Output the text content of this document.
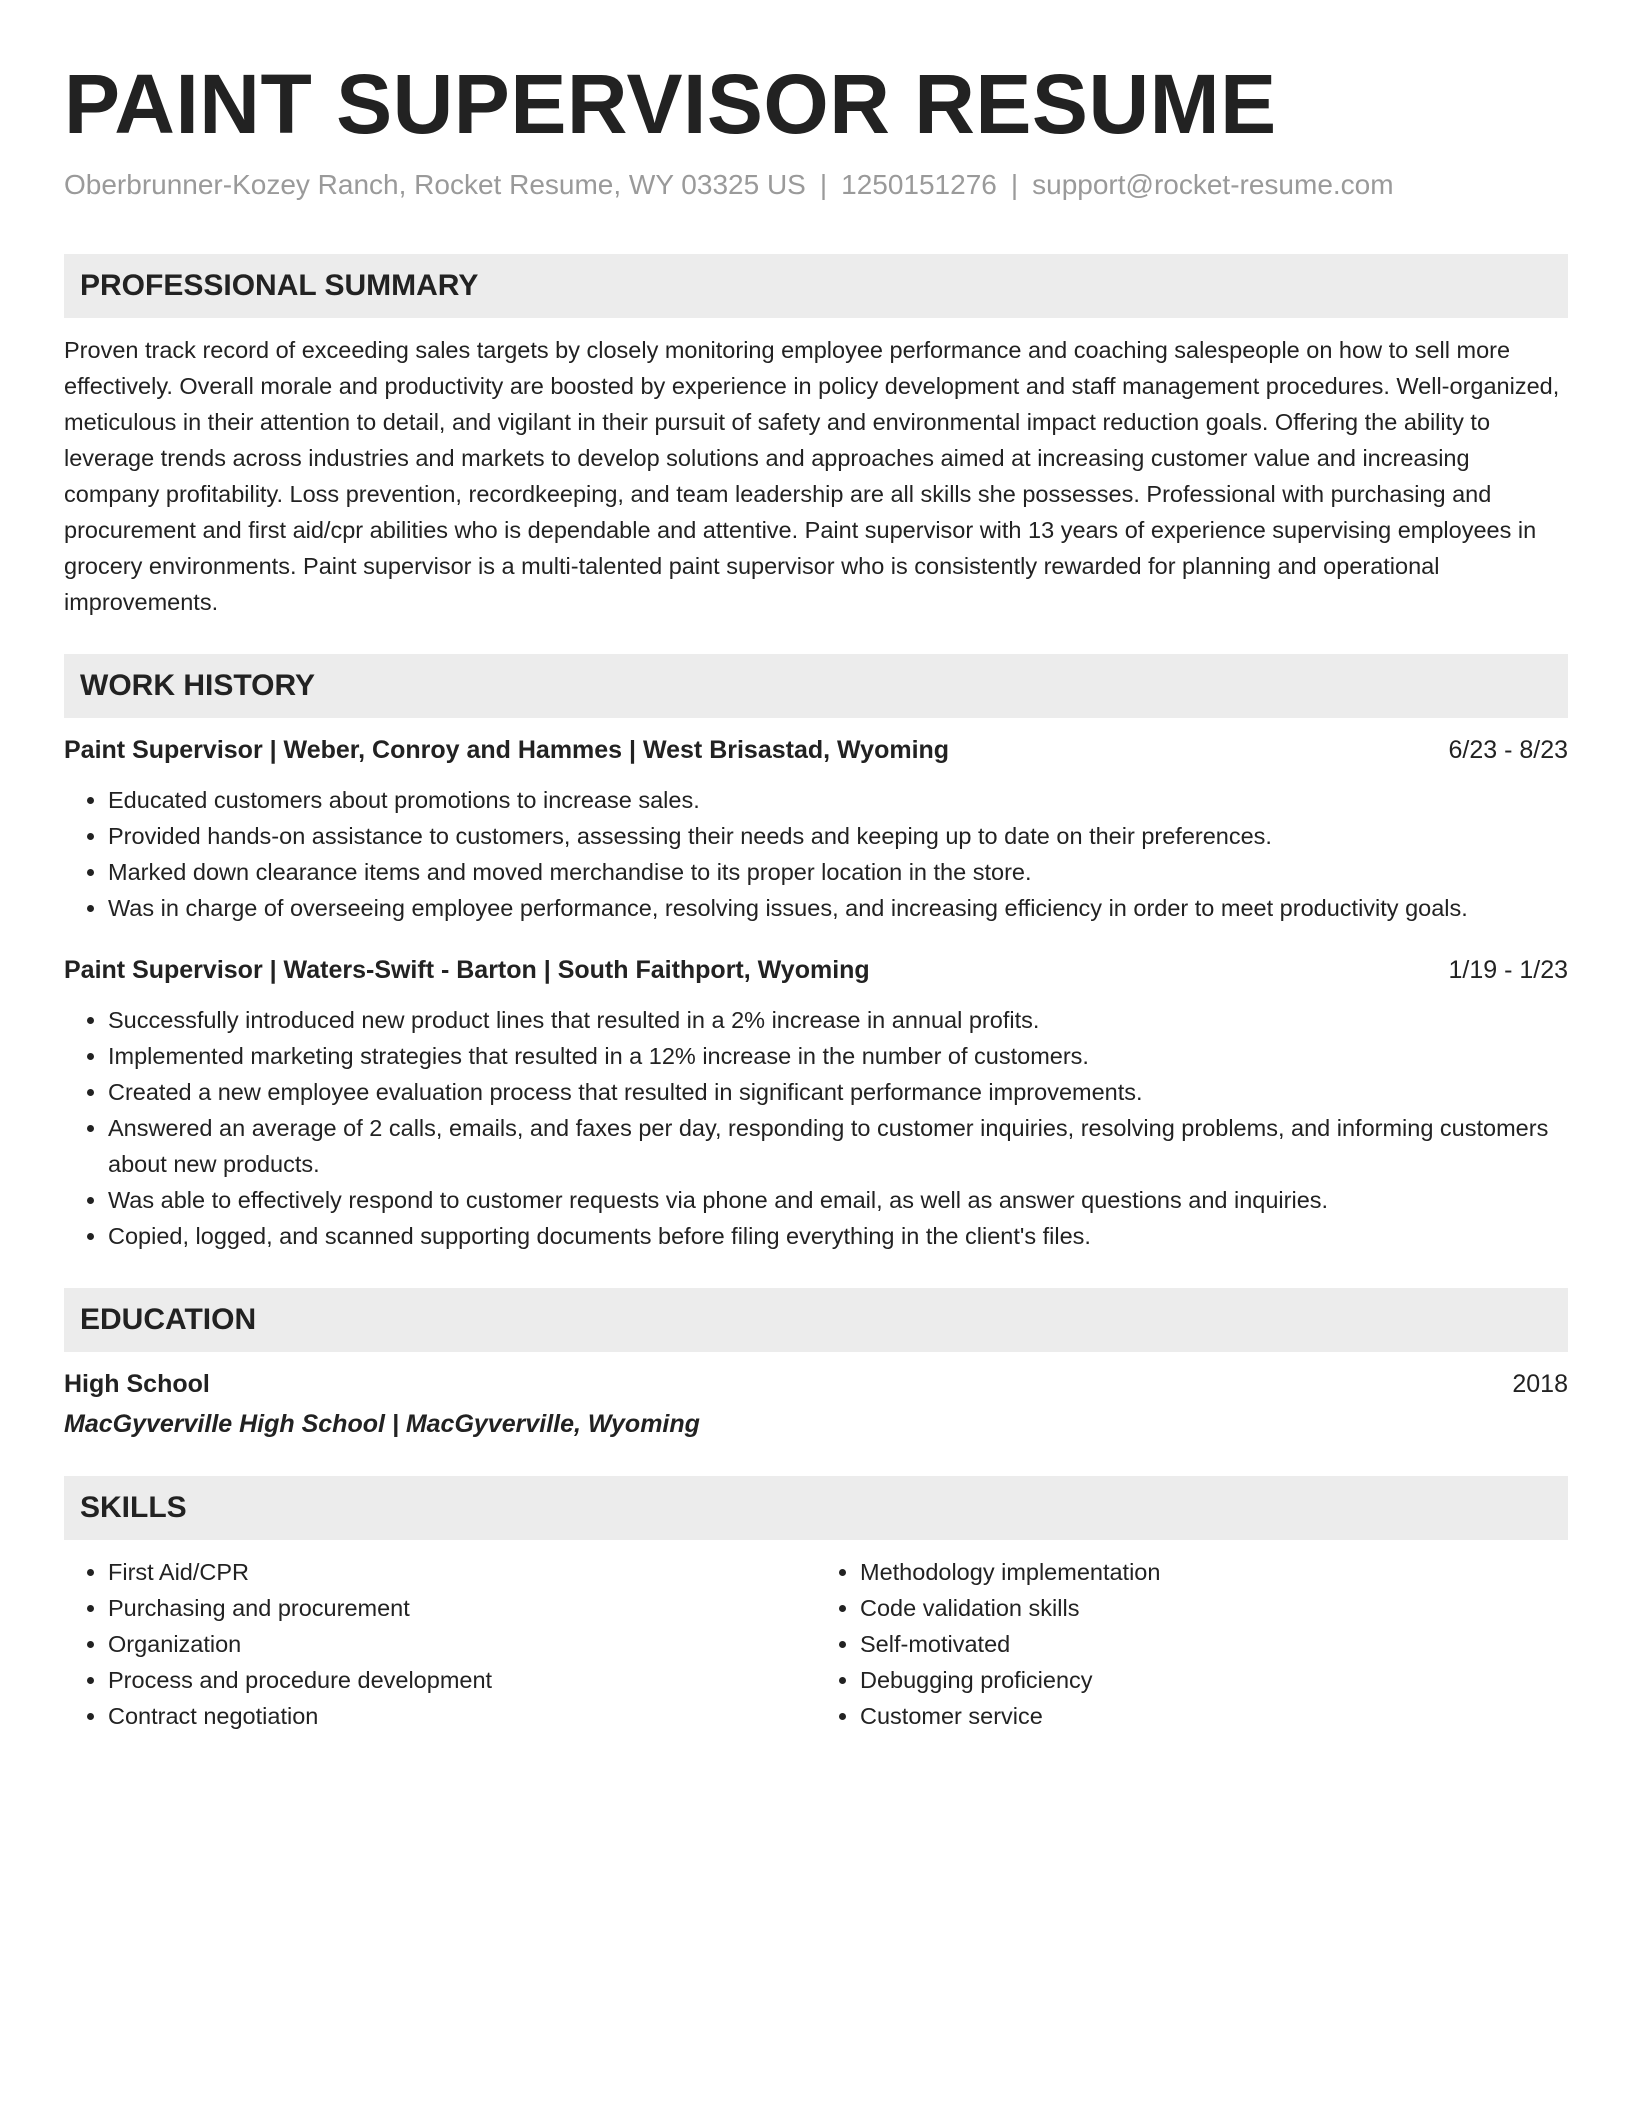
PAINT SUPERVISOR RESUME
Oberbrunner-Kozey Ranch, Rocket Resume, WY 03325 US | 1250151276 | support@rocket-resume.com
PROFESSIONAL SUMMARY
Proven track record of exceeding sales targets by closely monitoring employee performance and coaching salespeople on how to sell more effectively. Overall morale and productivity are boosted by experience in policy development and staff management procedures. Well-organized, meticulous in their attention to detail, and vigilant in their pursuit of safety and environmental impact reduction goals. Offering the ability to leverage trends across industries and markets to develop solutions and approaches aimed at increasing customer value and increasing company profitability. Loss prevention, recordkeeping, and team leadership are all skills she possesses. Professional with purchasing and procurement and first aid/cpr abilities who is dependable and attentive. Paint supervisor with 13 years of experience supervising employees in grocery environments. Paint supervisor is a multi-talented paint supervisor who is consistently rewarded for planning and operational improvements.
WORK HISTORY
Paint Supervisor | Weber, Conroy and Hammes | West Brisastad, Wyoming	6/23 - 8/23
• Educated customers about promotions to increase sales.
• Provided hands-on assistance to customers, assessing their needs and keeping up to date on their preferences.
• Marked down clearance items and moved merchandise to its proper location in the store.
• Was in charge of overseeing employee performance, resolving issues, and increasing efficiency in order to meet productivity goals.
Paint Supervisor | Waters-Swift - Barton | South Faithport, Wyoming	1/19 - 1/23
• Successfully introduced new product lines that resulted in a 2% increase in annual profits.
• Implemented marketing strategies that resulted in a 12% increase in the number of customers.
• Created a new employee evaluation process that resulted in significant performance improvements.
• Answered an average of 2 calls, emails, and faxes per day, responding to customer inquiries, resolving problems, and informing customers about new products.
• Was able to effectively respond to customer requests via phone and email, as well as answer questions and inquiries.
• Copied, logged, and scanned supporting documents before filing everything in the client's files.
EDUCATION
High School	2018
MacGyverville High School | MacGyverville, Wyoming
SKILLS
• First Aid/CPR
• Purchasing and procurement
• Organization
• Process and procedure development
• Contract negotiation
• Methodology implementation
• Code validation skills
• Self-motivated
• Debugging proficiency
• Customer service
